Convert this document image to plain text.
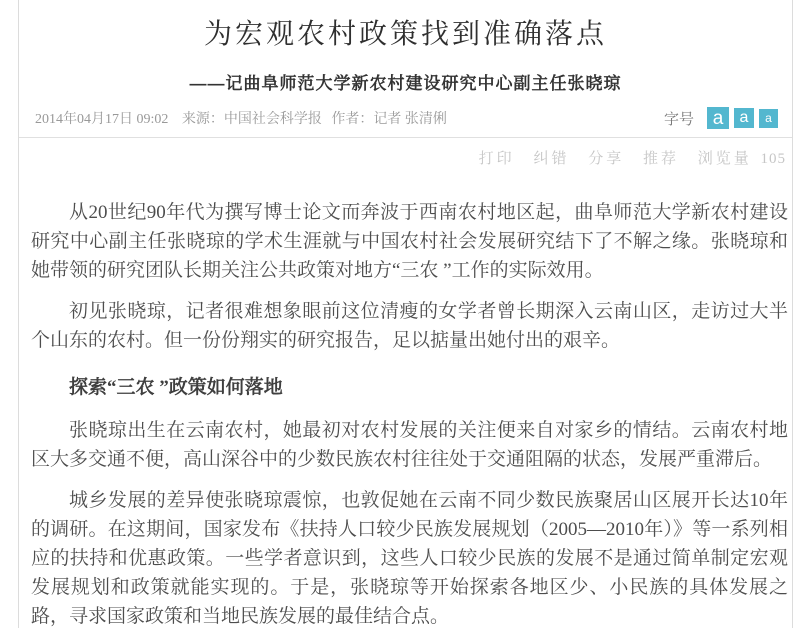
为宏观农村政策找到准确落点
——记曲阜师范大学新农村建设研究中心副主任张晓琼
2014年04月17日 09:02 来源：中国社会科学报 作者：记者 张清俐	字号 a	a	a
打印 纠错 分享 推荐 浏览量 105

从20世纪90年代为撰写博士论文而奔波于西南农村地区起，曲阜师范大学新农村建设研究中心副主任张晓琼的学术生涯就与中国农村社会发展研究结下了不解之缘。张晓琼和她带领的研究团队长期关注公共政策对地方“三农 ”工作的实际效用。

初见张晓琼，记者很难想象眼前这位清瘦的女学者曾长期深入云南山区，走访过大半个山东的农村。但一份份翔实的研究报告，足以掂量出她付出的艰辛。

探索“三农 ”政策如何落地

张晓琼出生在云南农村，她最初对农村发展的关注便来自对家乡的情结。云南农村地区大多交通不便，高山深谷中的少数民族农村往往处于交通阻隔的状态，发展严重滞后。

城乡发展的差异使张晓琼震惊，也敦促她在云南不同少数民族聚居山区展开长达10年的调研。在这期间，国家发布《扶持人口较少民族发展规划（2005—2010年）》等一系列相应的扶持和优惠政策。一些学者意识到，这些人口较少民族的发展不是通过简单制定宏观发展规划和政策就能实现的。于是，张晓琼等开始探索各地区少、小民族的具体发展之路，寻求国家政策和当地民族发展的最佳结合点。
